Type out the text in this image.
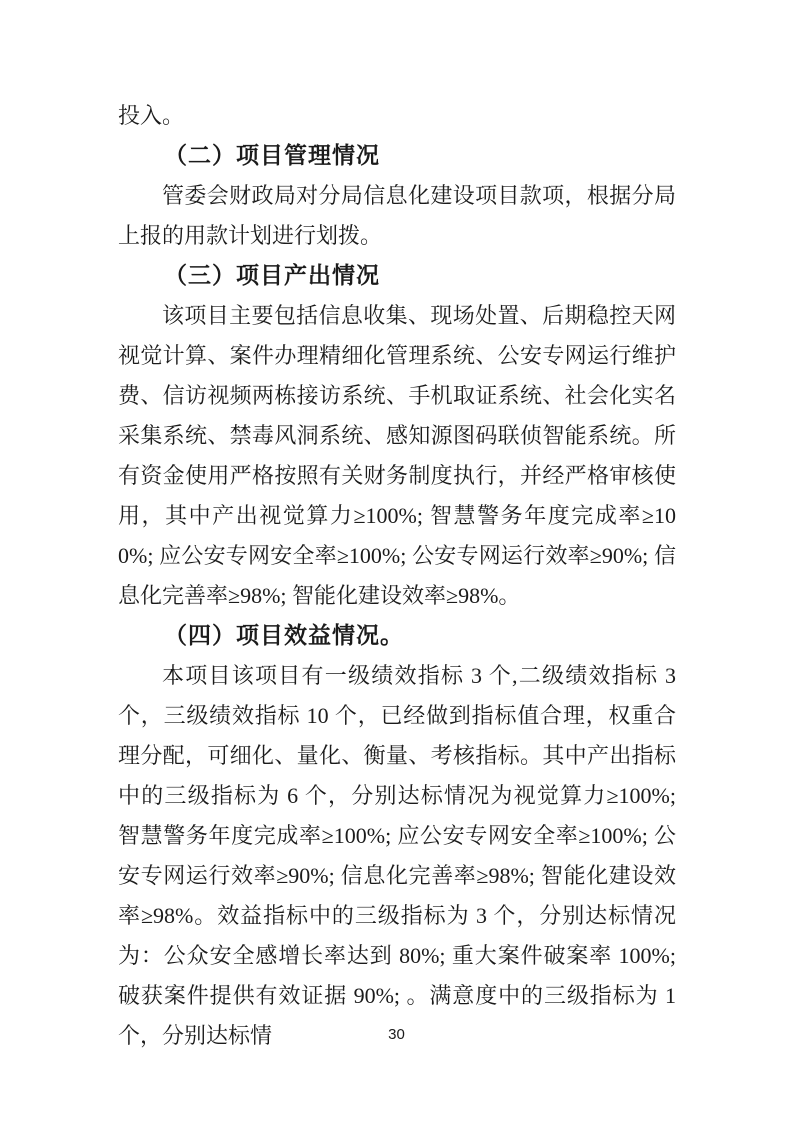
投入。

（二）项目管理情况

管委会财政局对分局信息化建设项目款项，根据分局上报的用款计划进行划拨。

（三）项目产出情况

该项目主要包括信息收集、现场处置、后期稳控天网视觉计算、案件办理精细化管理系统、公安专网运行维护费、信访视频两栋接访系统、手机取证系统、社会化实名采集系统、禁毒风洞系统、感知源图码联侦智能系统。所有资金使用严格按照有关财务制度执行，并经严格审核使用，其中产出视觉算力≥100%; 智慧警务年度完成率≥100%; 应公安专网安全率≥100%; 公安专网运行效率≥90%; 信息化完善率≥98%; 智能化建设效率≥98%。

（四）项目效益情况。

本项目该项目有一级绩效指标 3 个,二级绩效指标 3 个，三级绩效指标 10 个，已经做到指标值合理，权重合理分配，可细化、量化、衡量、考核指标。其中产出指标中的三级指标为 6 个，分别达标情况为视觉算力≥100%; 智慧警务年度完成率≥100%; 应公安专网安全率≥100%; 公安专网运行效率≥90%; 信息化完善率≥98%; 智能化建设效率≥98%。效益指标中的三级指标为 3 个，分别达标情况为：公众安全感增长率达到 80%; 重大案件破案率 100%; 破获案件提供有效证据 90%; 。满意度中的三级指标为 1 个，分别达标情	30
